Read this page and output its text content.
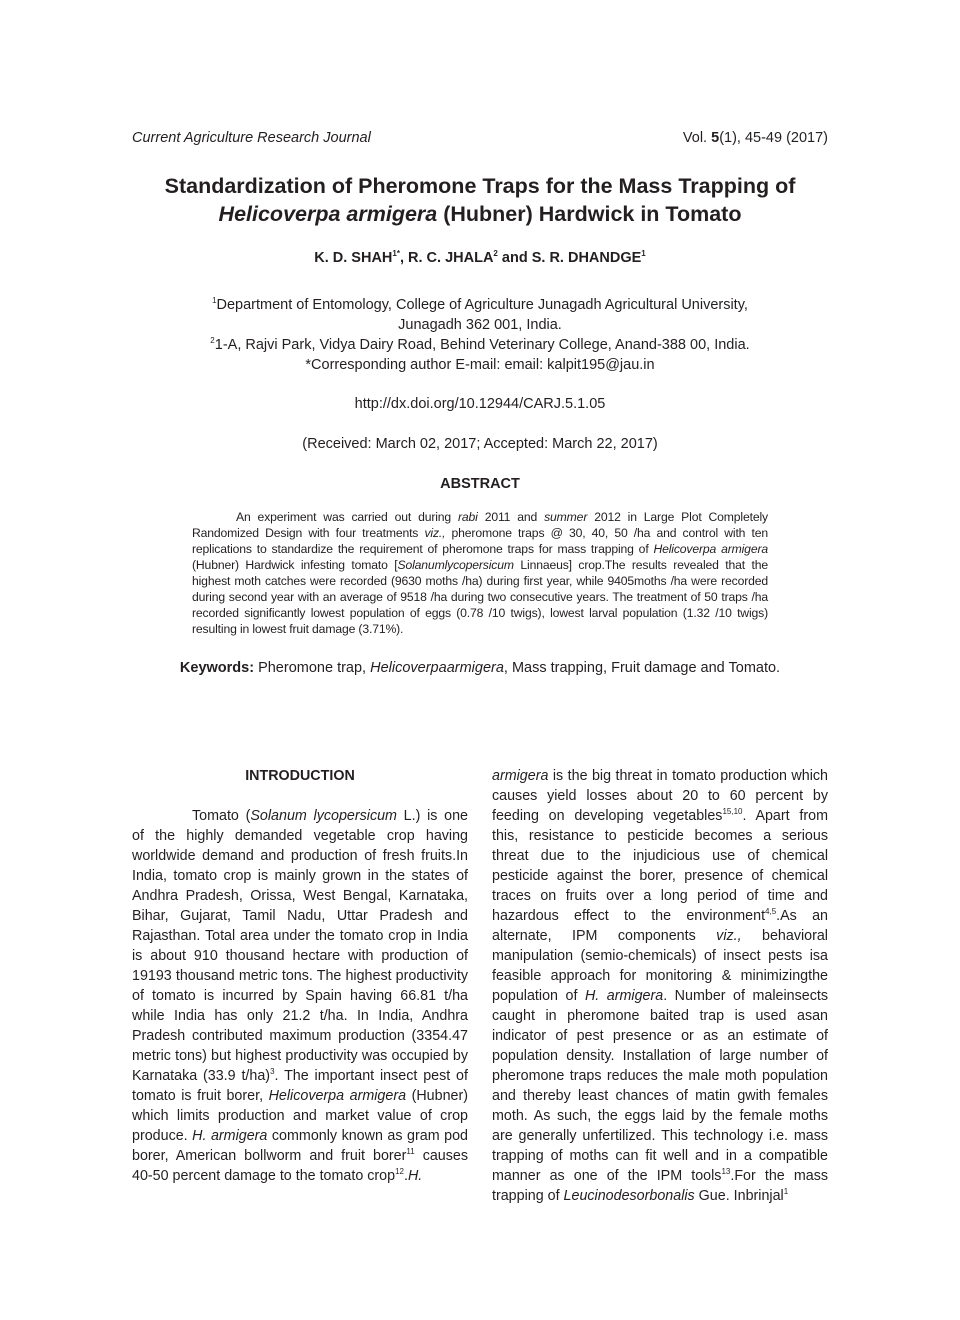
Current Agriculture Research Journal	Vol. 5(1), 45-49 (2017)
Standardization of Pheromone Traps for the Mass Trapping of
Helicoverpa armigera (Hubner) Hardwick in Tomato
K. D. $SHAH^{1*}$, R. C. JHALA$^2$ and S. R. DHANDGE$^1$
$^1$Department of Entomology, College of Agriculture Junagadh Agricultural University,
Junagadh 362 001, India.
$^2$1-A, Rajvi Park, Vidya Dairy Road, Behind Veterinary College, Anand-388 00, India.
*Corresponding author E-mail: email: kalpit195@jau.in
http://dx.doi.org/10.12944/CARJ.5.1.05
(Received: March 02, 2017; Accepted: March 22, 2017)
ABSTRACT
An experiment was carried out during rabi 2011 and summer 2012 in Large Plot Completely Randomized Design with four treatments viz., pheromone traps @ 30, 40, 50 /ha and control with ten replications to standardize the requirement of pheromone traps for mass trapping of Helicoverpa armigera (Hubner) Hardwick infesting tomato [Solanumlycopersicum Linnaeus] crop.The results revealed that the highest moth catches were recorded (9630 moths /ha) during first year, while 9405moths /ha were recorded during second year with an average of 9518 /ha during two consecutive years. The treatment of 50 traps /ha recorded significantly lowest population of eggs (0.78 /10 twigs), lowest larval population (1.32 /10 twigs) resulting in lowest fruit damage (3.71%).
Keywords: Pheromone trap, Helicoverpaarmigera, Mass trapping, Fruit damage and Tomato.
INTRODUCTION

Tomato (Solanum lycopersicum L.) is one of the highly demanded vegetable crop having worldwide demand and production of fresh fruits.In India, tomato crop is mainly grown in the states of Andhra Pradesh, Orissa, West Bengal, Karnataka, Bihar, Gujarat, Tamil Nadu, Uttar Pradesh and Rajasthan. Total area under the tomato crop in India is about 910 thousand hectare with production of 19193 thousand metric tons. The highest productivity of tomato is incurred by Spain having 66.81 t/ha while India has only 21.2 t/ha. In India, Andhra Pradesh contributed maximum production (3354.47 metric tons) but highest productivity was occupied by Karnataka (33.9 t/ha)$^3$. The important insect pest of tomato is fruit borer, Helicoverpa armigera (Hubner) which limits production and market value of crop produce. H. armigera commonly known as gram pod borer, American bollworm and fruit borer$^{11}$ causes 40-50 percent damage to the tomato crop$^{12}$.H.

armigera is the big threat in tomato production which causes yield losses about 20 to 60 percent by feeding on developing vegetables$^{15,10}$. Apart from this, resistance to pesticide becomes a serious threat due to the injudicious use of chemical pesticide against the borer, presence of chemical traces on fruits over a long period of time and hazardous effect to the environment$^{4,5}$.As an alternate, IPM components viz., behavioral manipulation (semio-chemicals) of insect pests isa feasible approach for monitoring & minimizingthe population of H. armigera. Number of maleinsects caught in pheromone baited trap is used asan indicator of pest presence or as an estimate of population density. Installation of large number of pheromone traps reduces the male moth population and thereby least chances of matin gwith females moth. As such, the eggs laid by the female moths are generally unfertilized. This technology i.e. mass trapping of moths can fit well and in a compatible manner as one of the IPM tools$^{13}$.For the mass trapping of Leucinodesorbonalis Gue. Inbrinjal$^1$
